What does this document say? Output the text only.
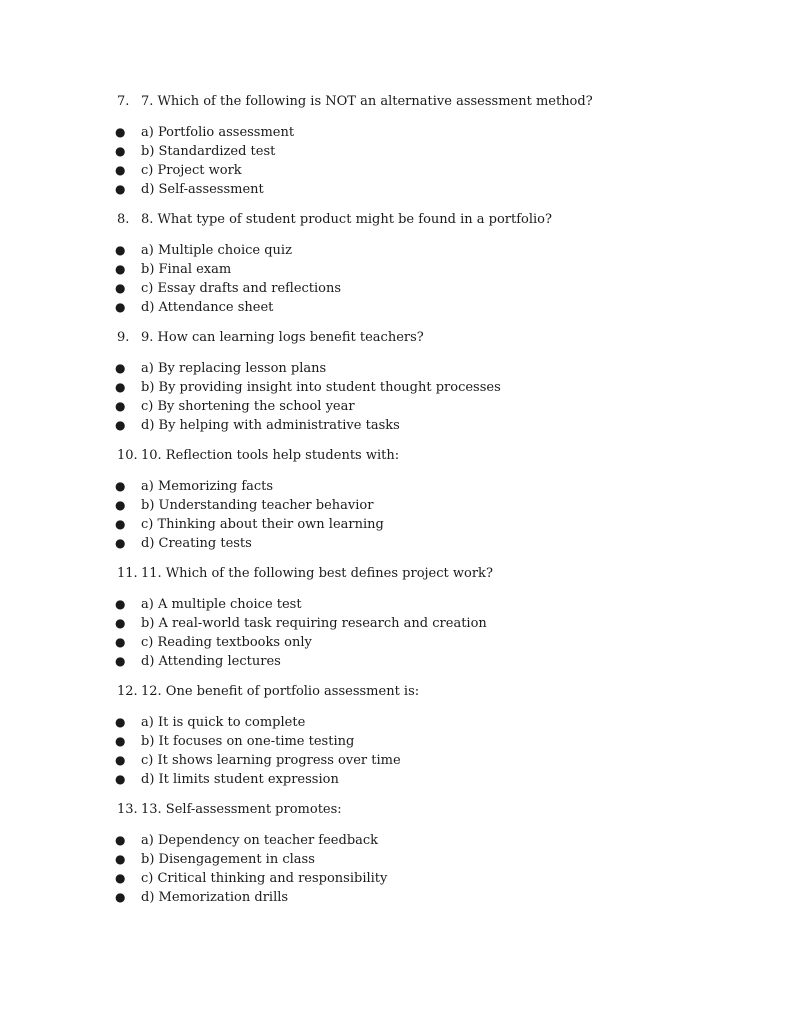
7. 7. Which of the following is NOT an alternative assessment method?

● a) Portfolio assessment
● b) Standardized test
● c) Project work
● d) Self-assessment

8. 8. What type of student product might be found in a portfolio?

● a) Multiple choice quiz
● b) Final exam
● c) Essay drafts and reflections
● d) Attendance sheet

9. 9. How can learning logs benefit teachers?

● a) By replacing lesson plans
● b) By providing insight into student thought processes
● c) By shortening the school year
● d) By helping with administrative tasks

10. 10. Reflection tools help students with:

● a) Memorizing facts
● b) Understanding teacher behavior
● c) Thinking about their own learning
● d) Creating tests

11. 11. Which of the following best defines project work?

● a) A multiple choice test
● b) A real-world task requiring research and creation
● c) Reading textbooks only
● d) Attending lectures

12. 12. One benefit of portfolio assessment is:

● a) It is quick to complete
● b) It focuses on one-time testing
● c) It shows learning progress over time
● d) It limits student expression

13. 13. Self-assessment promotes:

● a) Dependency on teacher feedback
● b) Disengagement in class
● c) Critical thinking and responsibility
● d) Memorization drills
